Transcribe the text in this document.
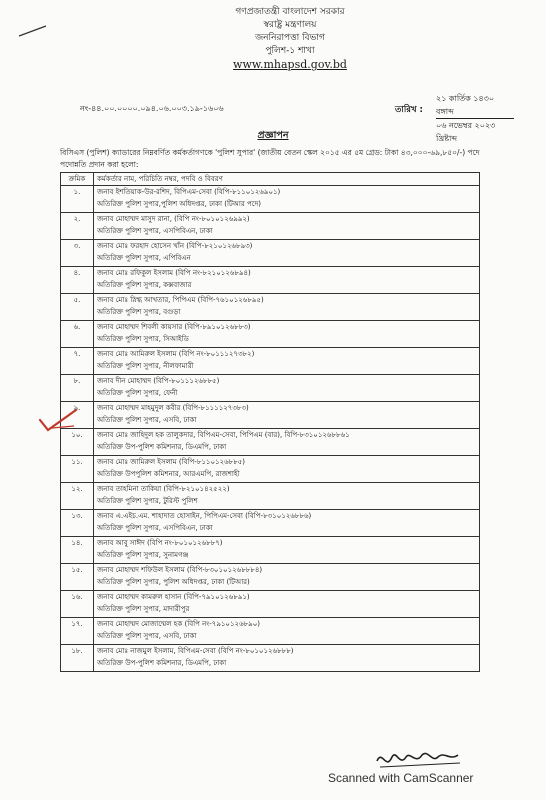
গণপ্রজাতন্ত্রী বাংলাদেশ সরকার
স্বরাষ্ট্র মন্ত্রণালয়
জননিরাপত্তা বিভাগ
পুলিশ-১ শাখা
www.mhapsd.gov.bd
নং-৪৪.০০.০০০০.০৯৪.০৬.০০৩.১৯-১৬০৬	তারিখ :
২১ কার্তিক ১৪৩০ বঙ্গাব্দ
০৬ নভেম্বর ২০২৩ খ্রিষ্টাব্দ
প্রজ্ঞাপন
বিসিএস (পুলিশ) ক্যাডারের নিম্নবর্ণিত কর্মকর্তাগণকে 'পুলিশ সুপার' (জাতীয় বেতন স্কেল ২০১৫ এর ৫ম গ্রেড: টাকা ৪৩,০০০-৬৯,৮৫০/-) পদে পদোন্নতি প্রদান করা হলো:
ক্রমিক	কর্মকর্তার নাম, পরিচিতি নম্বর, পদবি ও বিবরণ
১.	জনাব ইশতিয়াক-উর-রশিদ, বিপিএম-সেবা (বিপি-৮১১০১২৬৯০১)
অতিরিক্ত পুলিশ সুপার,পুলিশ অধিদপ্তর, ঢাকা (টিআর পদে)

২.	জনাব মোহাম্মদ মাসুদ রানা, (বিপি নং-৮০১০১২৬৯৯২)
অতিরিক্ত পুলিশ সুপার, এসপিবিএন, ঢাকা

৩.	জনাব মোঃ ফরহাদ হোসেন খাঁন (বিপি-৮২১০১২৬৮৯৩)
অতিরিক্ত পুলিশ সুপার, এপিবিএন

৪.	জনাব মোঃ রফিকুল ইসলাম (বিপি নং-৮২১০১২৬৮৯৪)
অতিরিক্ত পুলিশ সুপার, কক্সবাজার

৫.	জনাব মোঃ স্নিগ্ধ আখতার, পিপিএম (বিপি-৭৬১০১২৬৮৯৫)
অতিরিক্ত পুলিশ সুপার, বগুড়া

৬.	জনাব মোহাম্মদ শিবলী কায়সার (বিপি-৮৯১০১২৬৮৮৩)
অতিরিক্ত পুলিশ সুপার, সিআইডি

৭.	জনাব মোঃ আমিরুল ইসলাম (বিপি নং-৮০১১১২৭৩৮২)
অতিরিক্ত পুলিশ সুপার, নীলফামারী

৮.	জনাব দীন মোহাম্মদ (বিপি-৮০১১১২৬৮৮৫)
অতিরিক্ত পুলিশ সুপার, ফেনী

৯.	জনাব মোহাম্মদ মাহমুদুল কবীর (বিপি-৮১১১১২৭৩৮৩)
অতিরিক্ত পুলিশ সুপার, এসবি, ঢাকা

১০.	জনাব মোঃ জাহিদুল হক তালুকদার, বিপিএম-সেবা, পিপিএম (বার), বিপি-৮৩১০১২৬৮৮৬১
অতিরিক্ত উপ-পুলিশ কমিশনার, ডিএমপি, ঢাকা

১১.	জনাব মোঃ জামিরুল ইসলাম (বিপি-৮১১০১২৬৮৮৫)
অতিরিক্ত উপপুলিশ কমিশনার, আরএমপি, রাজশাহী

১২.	জনাব তাহমিনা তাকিয়া (বিপি-৮২১০১৪২৫২২)
অতিরিক্ত পুলিশ সুপার, টুরিস্ট পুলিশ

১৩.	জনাব এ.এইচ.এম. শাহাদাত হোসাইন, পিপিএম-সেবা (বিপি-৮৩১০১২৬৮৮৬)
অতিরিক্ত পুলিশ সুপার, এসপিবিএন, ঢাকা

১৪.	জনাব আবু সাঈদ (বিপি নং-৮০১০১২৬৮৮৭)
অতিরিক্ত পুলিশ সুপার, সুনামগঞ্জ

১৫.	জনাব মোহাম্মদ শফিউল ইসলাম (বিপি-৮৩০১০১২৬৮৮৮৪)
অতিরিক্ত পুলিশ সুপার, পুলিশ অধিদপ্তর, ঢাকা (টিআর)

১৬.	জনাব মোহাম্মদ কামরুল হাসান (বিপি-৭৯১০১২৬৮৯১)
অতিরিক্ত পুলিশ সুপার, মাদারীপুর

১৭.	জনাব মোহাম্মদ মোজাম্মেল হক (বিপি নং-৭৯১০১২৬৮৯০)
অতিরিক্ত পুলিশ সুপার, এসবি, ঢাকা

১৮.	জনাব মোঃ নাজমুল ইসলাম, বিপিএম-সেবা (বিপি নং-৮০১০১২৬৮৮৮)
অতিরিক্ত উপ-পুলিশ কমিশনার, ডিএমপি, ঢাকা
Scanned with CamScanner
